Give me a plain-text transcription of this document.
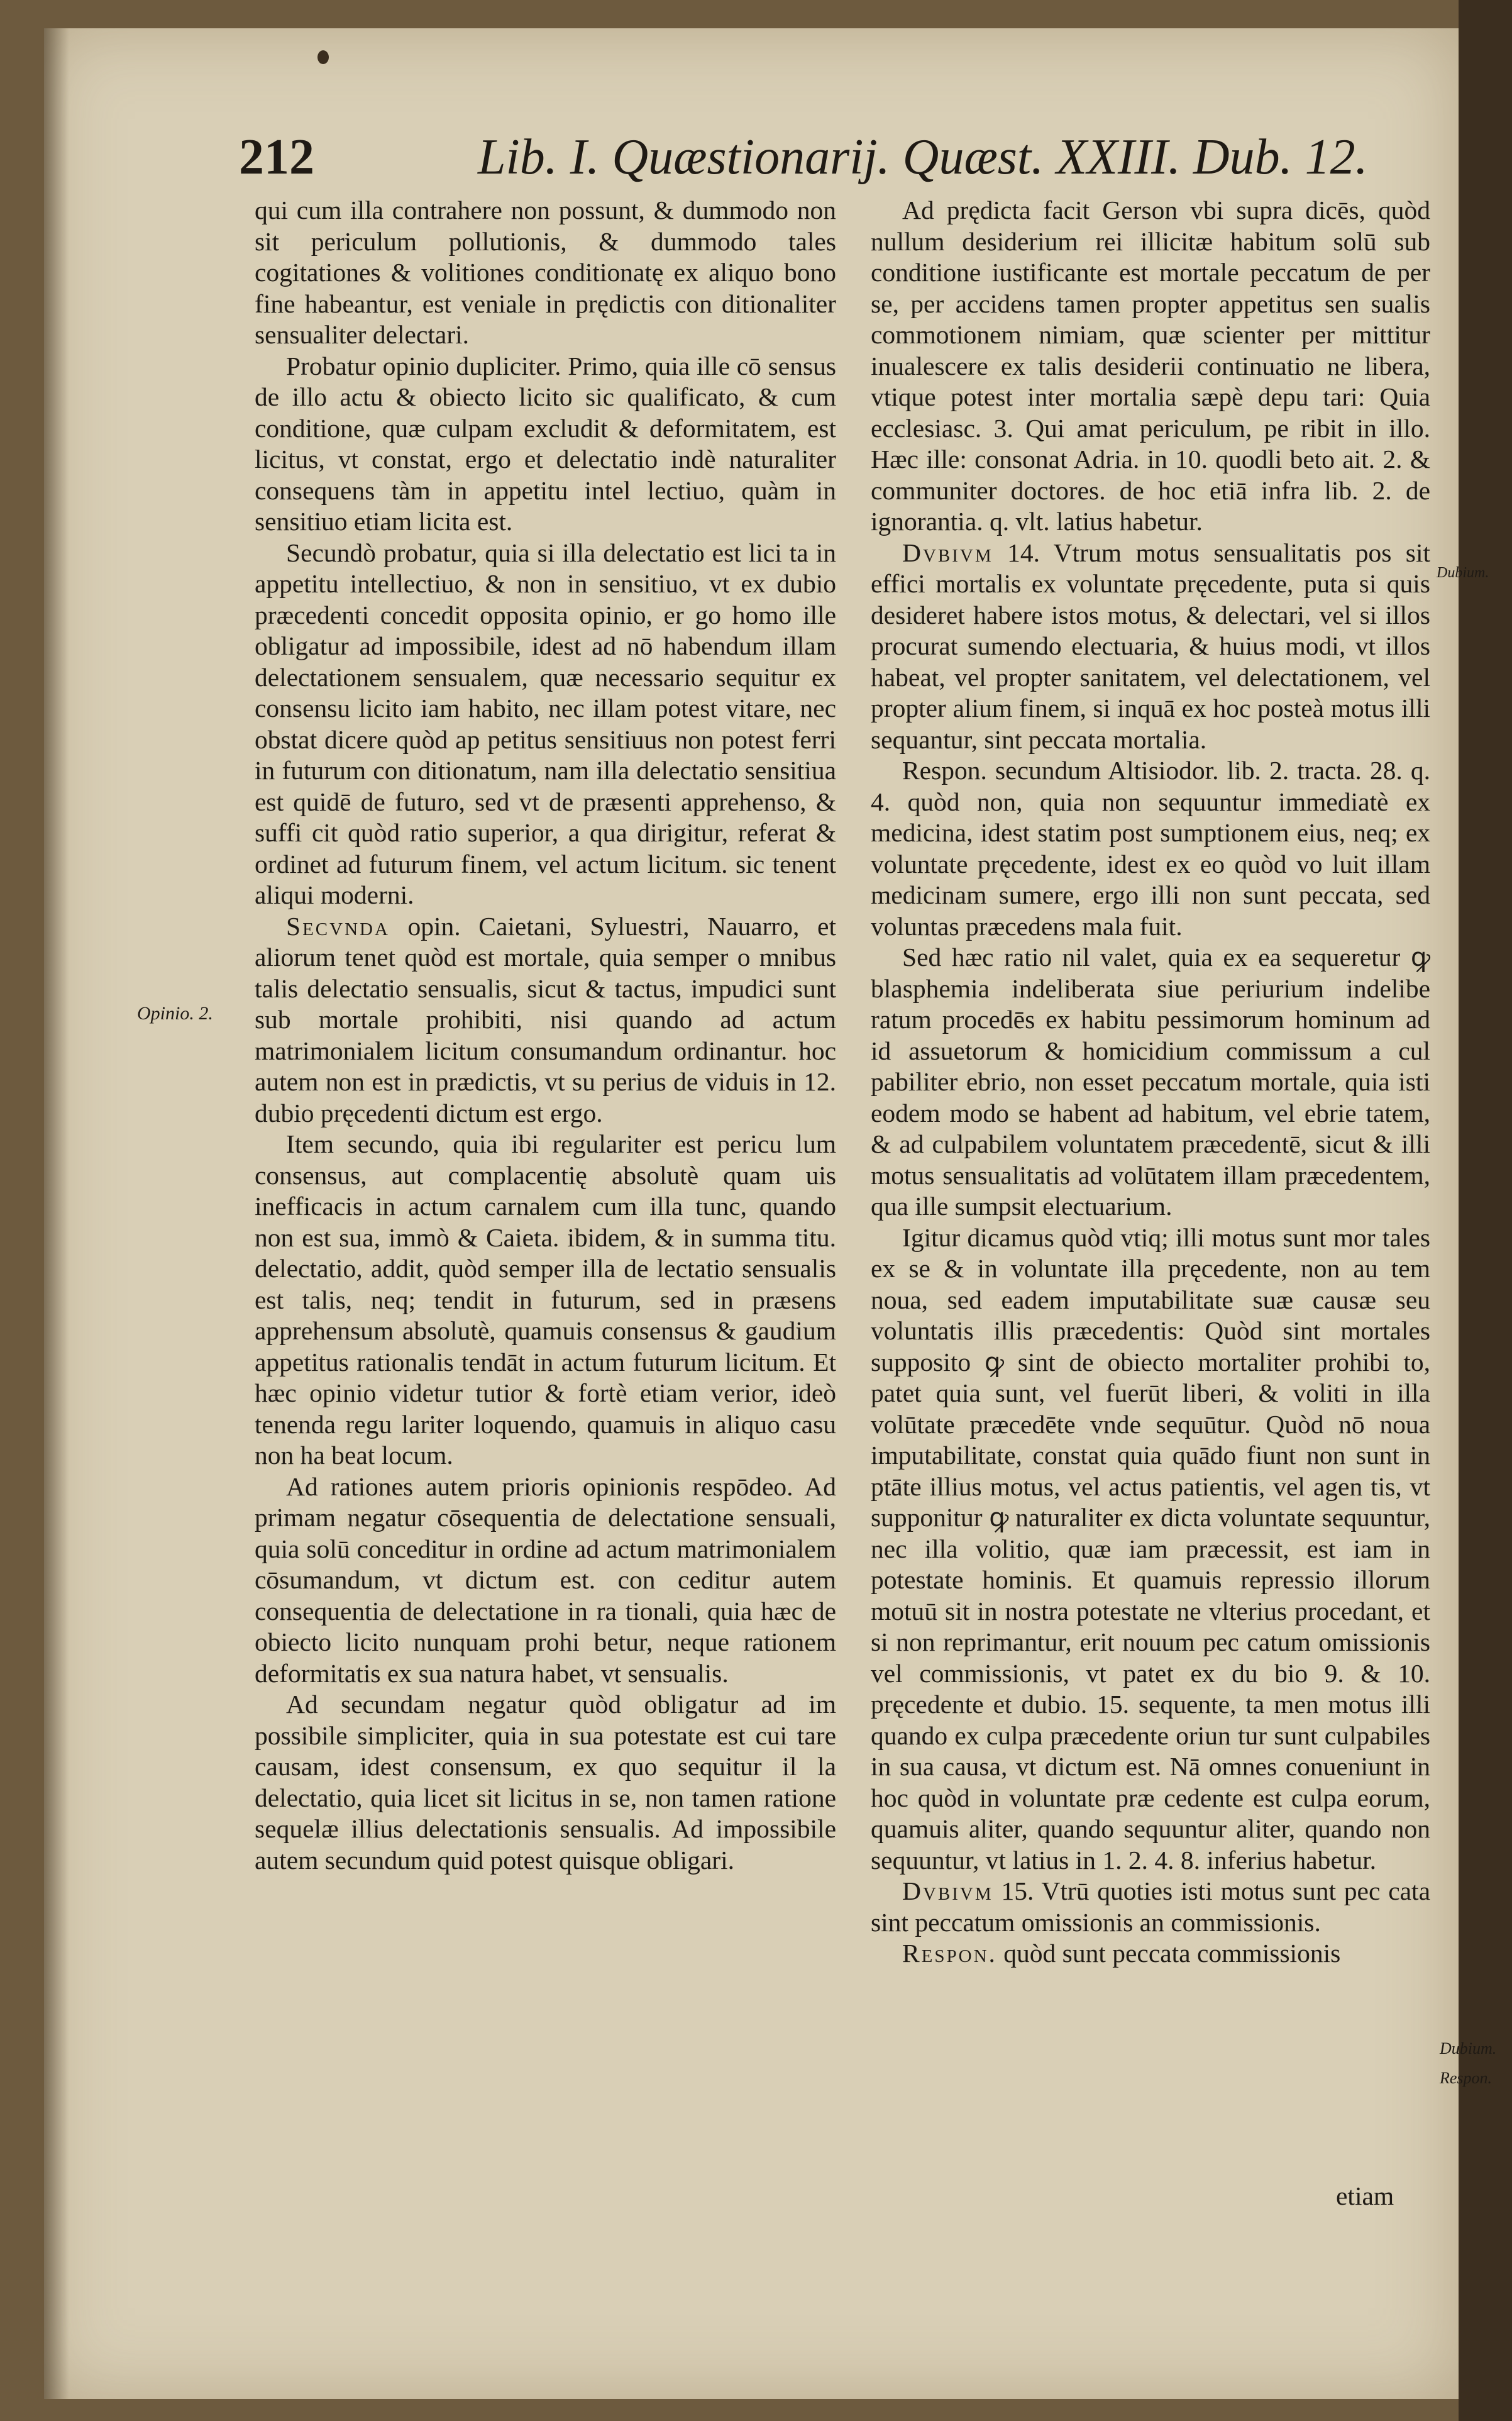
212	Lib. I. Quæstionarij. Quæst. XXIII. Dub. 12.

qui cum illa contrahere non possunt, & dummodo non sit periculum pollutionis, & dummodo tales cogitationes & volitiones conditionatę ex aliquo bono fine habeantur, est veniale in prędictis con ditionaliter sensualiter delectari.

Probatur opinio dupliciter. Primo, quia ille cō sensus de illo actu & obiecto licito sic qualificato, & cum conditione, quæ culpam excludit & deformitatem, est licitus, vt constat, ergo et delectatio indè naturaliter consequens tàm in appetitu intel lectiuo, quàm in sensitiuo etiam licita est.

Secundò probatur, quia si illa delectatio est lici ta in appetitu intellectiuo, & non in sensitiuo, vt ex dubio præcedenti concedit opposita opinio, er go homo ille obligatur ad impossibile, idest ad nō habendum illam delectationem sensualem, quæ necessario sequitur ex consensu licito iam habito, nec illam potest vitare, nec obstat dicere quòd ap petitus sensitiuus non potest ferri in futurum con ditionatum, nam illa delectatio sensitiua est quidē de futuro, sed vt de præsenti apprehenso, & suffi cit quòd ratio superior, a qua dirigitur, referat & ordinet ad futurum finem, vel actum licitum. sic tenent aliqui moderni.

Secvnda opin. Caietani, Syluestri, Nauarro, et aliorum tenet quòd est mortale, quia semper o mnibus talis delectatio sensualis, sicut & tactus, impudici sunt sub mortale prohibiti, nisi quando ad actum matrimonialem licitum consumandum ordinantur. hoc autem non est in prædictis, vt su perius de viduis in 12. dubio pręcedenti dictum est ergo.

Item secundo, quia ibi regulariter est pericu lum consensus, aut complacentię absolutè quam uis inefficacis in actum carnalem cum illa tunc, quando non est sua, immò & Caieta. ibidem, & in summa titu. delectatio, addit, quòd semper illa de lectatio sensualis est talis, neq; tendit in futurum, sed in præsens apprehensum absolutè, quamuis consensus & gaudium appetitus rationalis tendāt in actum futurum licitum. Et hæc opinio videtur tutior & fortè etiam verior, ideò tenenda regu lariter loquendo, quamuis in aliquo casu non ha beat locum.

Ad rationes autem prioris opinionis respōdeo. Ad primam negatur cōsequentia de delectatione sensuali, quia solū conceditur in ordine ad actum matrimonialem cōsumandum, vt dictum est. con ceditur autem consequentia de delectatione in ra tionali, quia hæc de obiecto licito nunquam prohi betur, neque rationem deformitatis ex sua natura habet, vt sensualis.

Ad secundam negatur quòd obligatur ad im possibile simpliciter, quia in sua potestate est cui tare causam, idest consensum, ex quo sequitur il la delectatio, quia licet sit licitus in se, non tamen ratione sequelæ illius delectationis sensualis. Ad impossibile autem secundum quid potest quisque obligari.

Ad prędicta facit Gerson vbi supra dicēs, quòd nullum desiderium rei illicitæ habitum solū sub conditione iustificante est mortale peccatum de per se, per accidens tamen propter appetitus sen sualis commotionem nimiam, quæ scienter per mittitur inualescere ex talis desiderii continuatio ne libera, vtique potest inter mortalia sæpè depu tari: Quia ecclesiasc. 3. Qui amat periculum, pe ribit in illo. Hæc ille: consonat Adria. in 10. quodli beto ait. 2. & communiter doctores. de hoc etiā infra lib. 2. de ignorantia. q. vlt. latius habetur.

Dvbivm 14. Vtrum motus sensualitatis pos sit effici mortalis ex voluntate pręcedente, puta si quis desideret habere istos motus, & delectari, vel si illos procurat sumendo electuaria, & huius modi, vt illos habeat, vel propter sanitatem, vel delectationem, vel propter alium finem, si inquā ex hoc posteà motus illi sequantur, sint peccata mortalia.

Respon. secundum Altisiodor. lib. 2. tracta. 28. q. 4. quòd non, quia non sequuntur immediatè ex medicina, idest statim post sumptionem eius, neq; ex voluntate pręcedente, idest ex eo quòd vo luit illam medicinam sumere, ergo illi non sunt peccata, sed voluntas præcedens mala fuit.

Sed hæc ratio nil valet, quia ex ea sequeretur ꝙ blasphemia indeliberata siue periurium indelibe ratum procedēs ex habitu pessimorum hominum ad id assuetorum & homicidium commissum a cul pabiliter ebrio, non esset peccatum mortale, quia isti eodem modo se habent ad habitum, vel ebrie tatem, & ad culpabilem voluntatem præcedentē, sicut & illi motus sensualitatis ad volūtatem illam præcedentem, qua ille sumpsit electuarium.

Igitur dicamus quòd vtiq; illi motus sunt mor tales ex se & in voluntate illa pręcedente, non au tem noua, sed eadem imputabilitate suæ causæ seu voluntatis illis præcedentis: Quòd sint mortales supposito ꝙ sint de obiecto mortaliter prohibi to, patet quia sunt, vel fuerūt liberi, & voliti in illa volūtate præcedēte vnde sequūtur. Quòd nō noua imputabilitate, constat quia quādo fiunt non sunt in ptāte illius motus, vel actus patientis, vel agen tis, vt supponitur ꝙ naturaliter ex dicta voluntate sequuntur, nec illa volitio, quæ iam præcessit, est iam in potestate hominis. Et quamuis repressio illorum motuū sit in nostra potestate ne vlterius procedant, et si non reprimantur, erit nouum pec catum omissionis vel commissionis, vt patet ex du bio 9. & 10. pręcedente et dubio. 15. sequente, ta men motus illi quando ex culpa præcedente oriun tur sunt culpabiles in sua causa, vt dictum est. Nā omnes conueniunt in hoc quòd in voluntate præ cedente est culpa eorum, quamuis aliter, quando sequuntur aliter, quando non sequuntur, vt latius in 1. 2. 4. 8. inferius habetur.

Dvbivm 15. Vtrū quoties isti motus sunt pec cata sint peccatum omissionis an commissionis.

Respon. quòd sunt peccata commissionis

Opinio. 2.
Dubium.
Dubium.
Respon.
etiam
